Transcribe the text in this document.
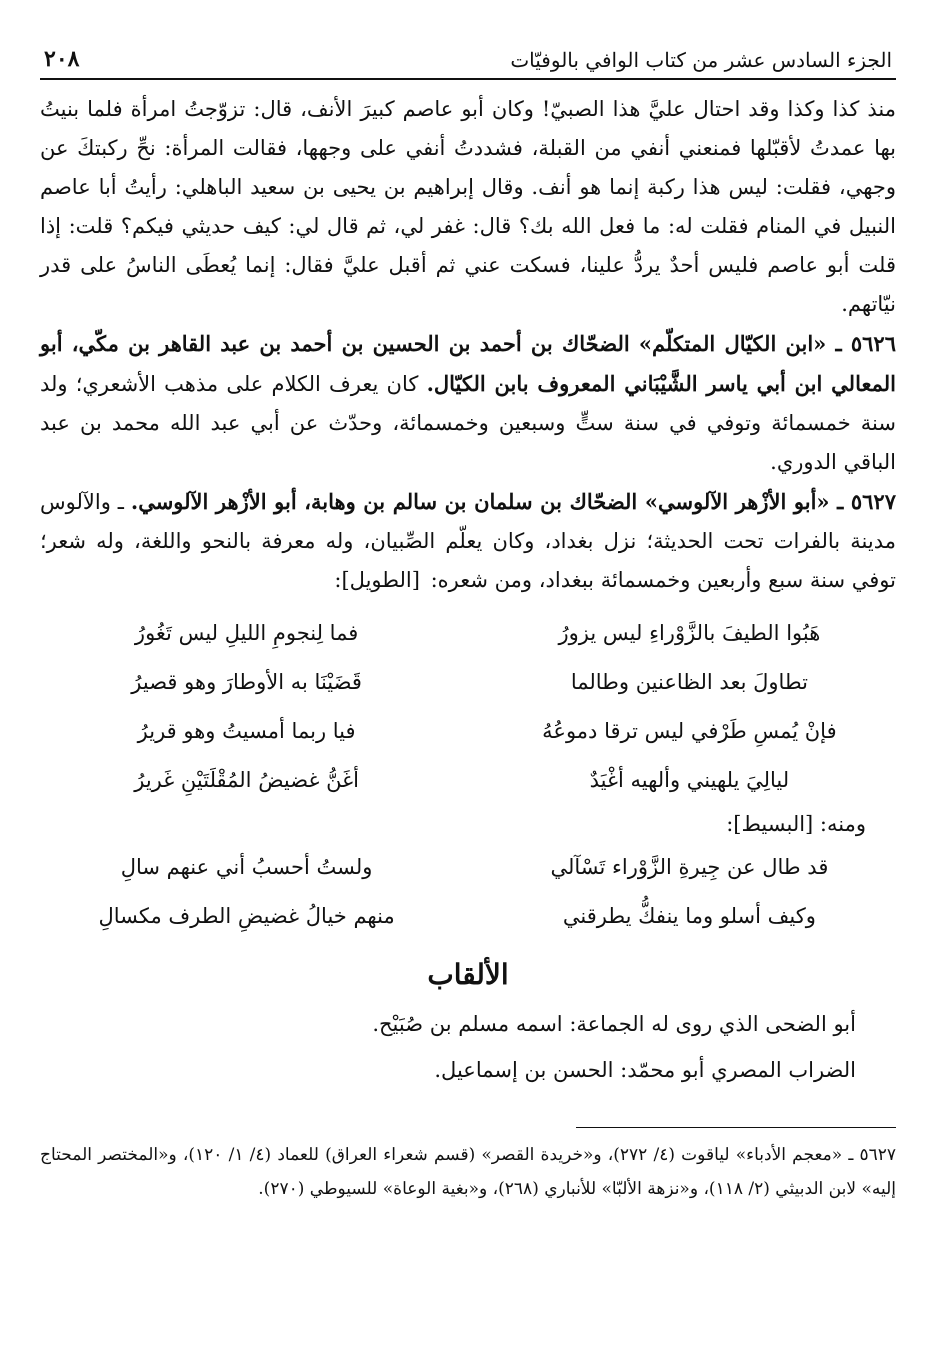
الجزء السادس عشر من كتاب الوافي بالوفيّات
٢٠٨

منذ كذا وكذا وقد احتال عليَّ هذا الصبيّ! وكان أبو عاصم كبيرَ الأنف، قال: تزوّجتُ امرأة فلما بنيتُ بها عمدتُ لأقبّلها فمنعني أنفي من القبلة، فشددتُ أنفي على وجهها، فقالت المرأة: نحِّ ركبتكَ عن وجهي، فقلت: ليس هذا ركبة إنما هو أنف. وقال إبراهيم بن يحيى بن سعيد الباهلي: رأيتُ أبا عاصم النبيل في المنام فقلت له: ما فعل الله بك؟ قال: غفر لي، ثم قال لي: كيف حديثي فيكم؟ قلت: إذا قلت أبو عاصم فليس أحدٌ يردُّ علينا، فسكت عني ثم أقبل عليَّ فقال: إنما يُعطَى الناسُ على قدر نيّاتهم.

٥٦٢٦ ـ «ابن الكيّال المتكلّم» الضحّاك بن أحمد بن الحسين بن أحمد بن عبد القاهر بن مكّي، أبو المعالي ابن أبي ياسر الشَّيْبَاني المعروف بابن الكيّال. كان يعرف الكلام على مذهب الأشعري؛ ولد سنة خمسمائة وتوفي في سنة ستٍّ وسبعين وخمسمائة، وحدّث عن أبي عبد الله محمد بن عبد الباقي الدوري.

٥٦٢٧ ـ «أبو الأزْهر الآلوسي» الضحّاك بن سلمان بن سالم بن وهابة، أبو الأزْهر الآلوسي. ـ والآلوس مدينة بالفرات تحت الحديثة؛ نزل بغداد، وكان يعلّم الصِّبيان، وله معرفة بالنحو واللغة، وله شعر؛ توفي سنة سبع وأربعين وخمسمائة ببغداد، ومن شعره: [الطويل]:

هَبُوا الطيفَ بالزَّوْراءِ ليس يزورُ
فما لِنجومِ الليلِ ليس تَغُورُ
تطاولَ بعد الظاعنين وطالما
قَضَيْنَا به الأوطارَ وهو قصيرُ
فإنْ يُمسِ طَرْفي ليس ترقا دموعُهُ
فيا ربما أمسيتُ وهو قريرُ
ليالِيَ يلهيني وألهيه أغْيَدٌ
أغَنُّ غضيضُ المُقْلَتَيْنِ غَريرُ
ومنه: [البسيط]:
قد طال عن جِيرةِ الزَّوْراء تَسْآلي
ولستُ أحسبُ أني عنهم سالِ
وكيف أسلو وما ينفكُّ يطرقني
منهم خيالُ غضيضِ الطرف مكسالِ
الألقاب
أبو الضحى الذي روى له الجماعة: اسمه مسلم بن صُبَيْح.
الضراب المصري أبو محمّد: الحسن بن إسماعيل.
٥٦٢٧ ـ «معجم الأدباء» لياقوت (٤/ ٢٧٢)، و«خريدة القصر» (قسم شعراء العراق) للعماد (٤/ ١/ ١٢٠)، و«المختصر المحتاج إليه» لابن الدبيثي (٢/ ١١٨)، و«نزهة الألبّا» للأنباري (٢٦٨)، و«بغية الوعاة» للسيوطي (٢٧٠).
